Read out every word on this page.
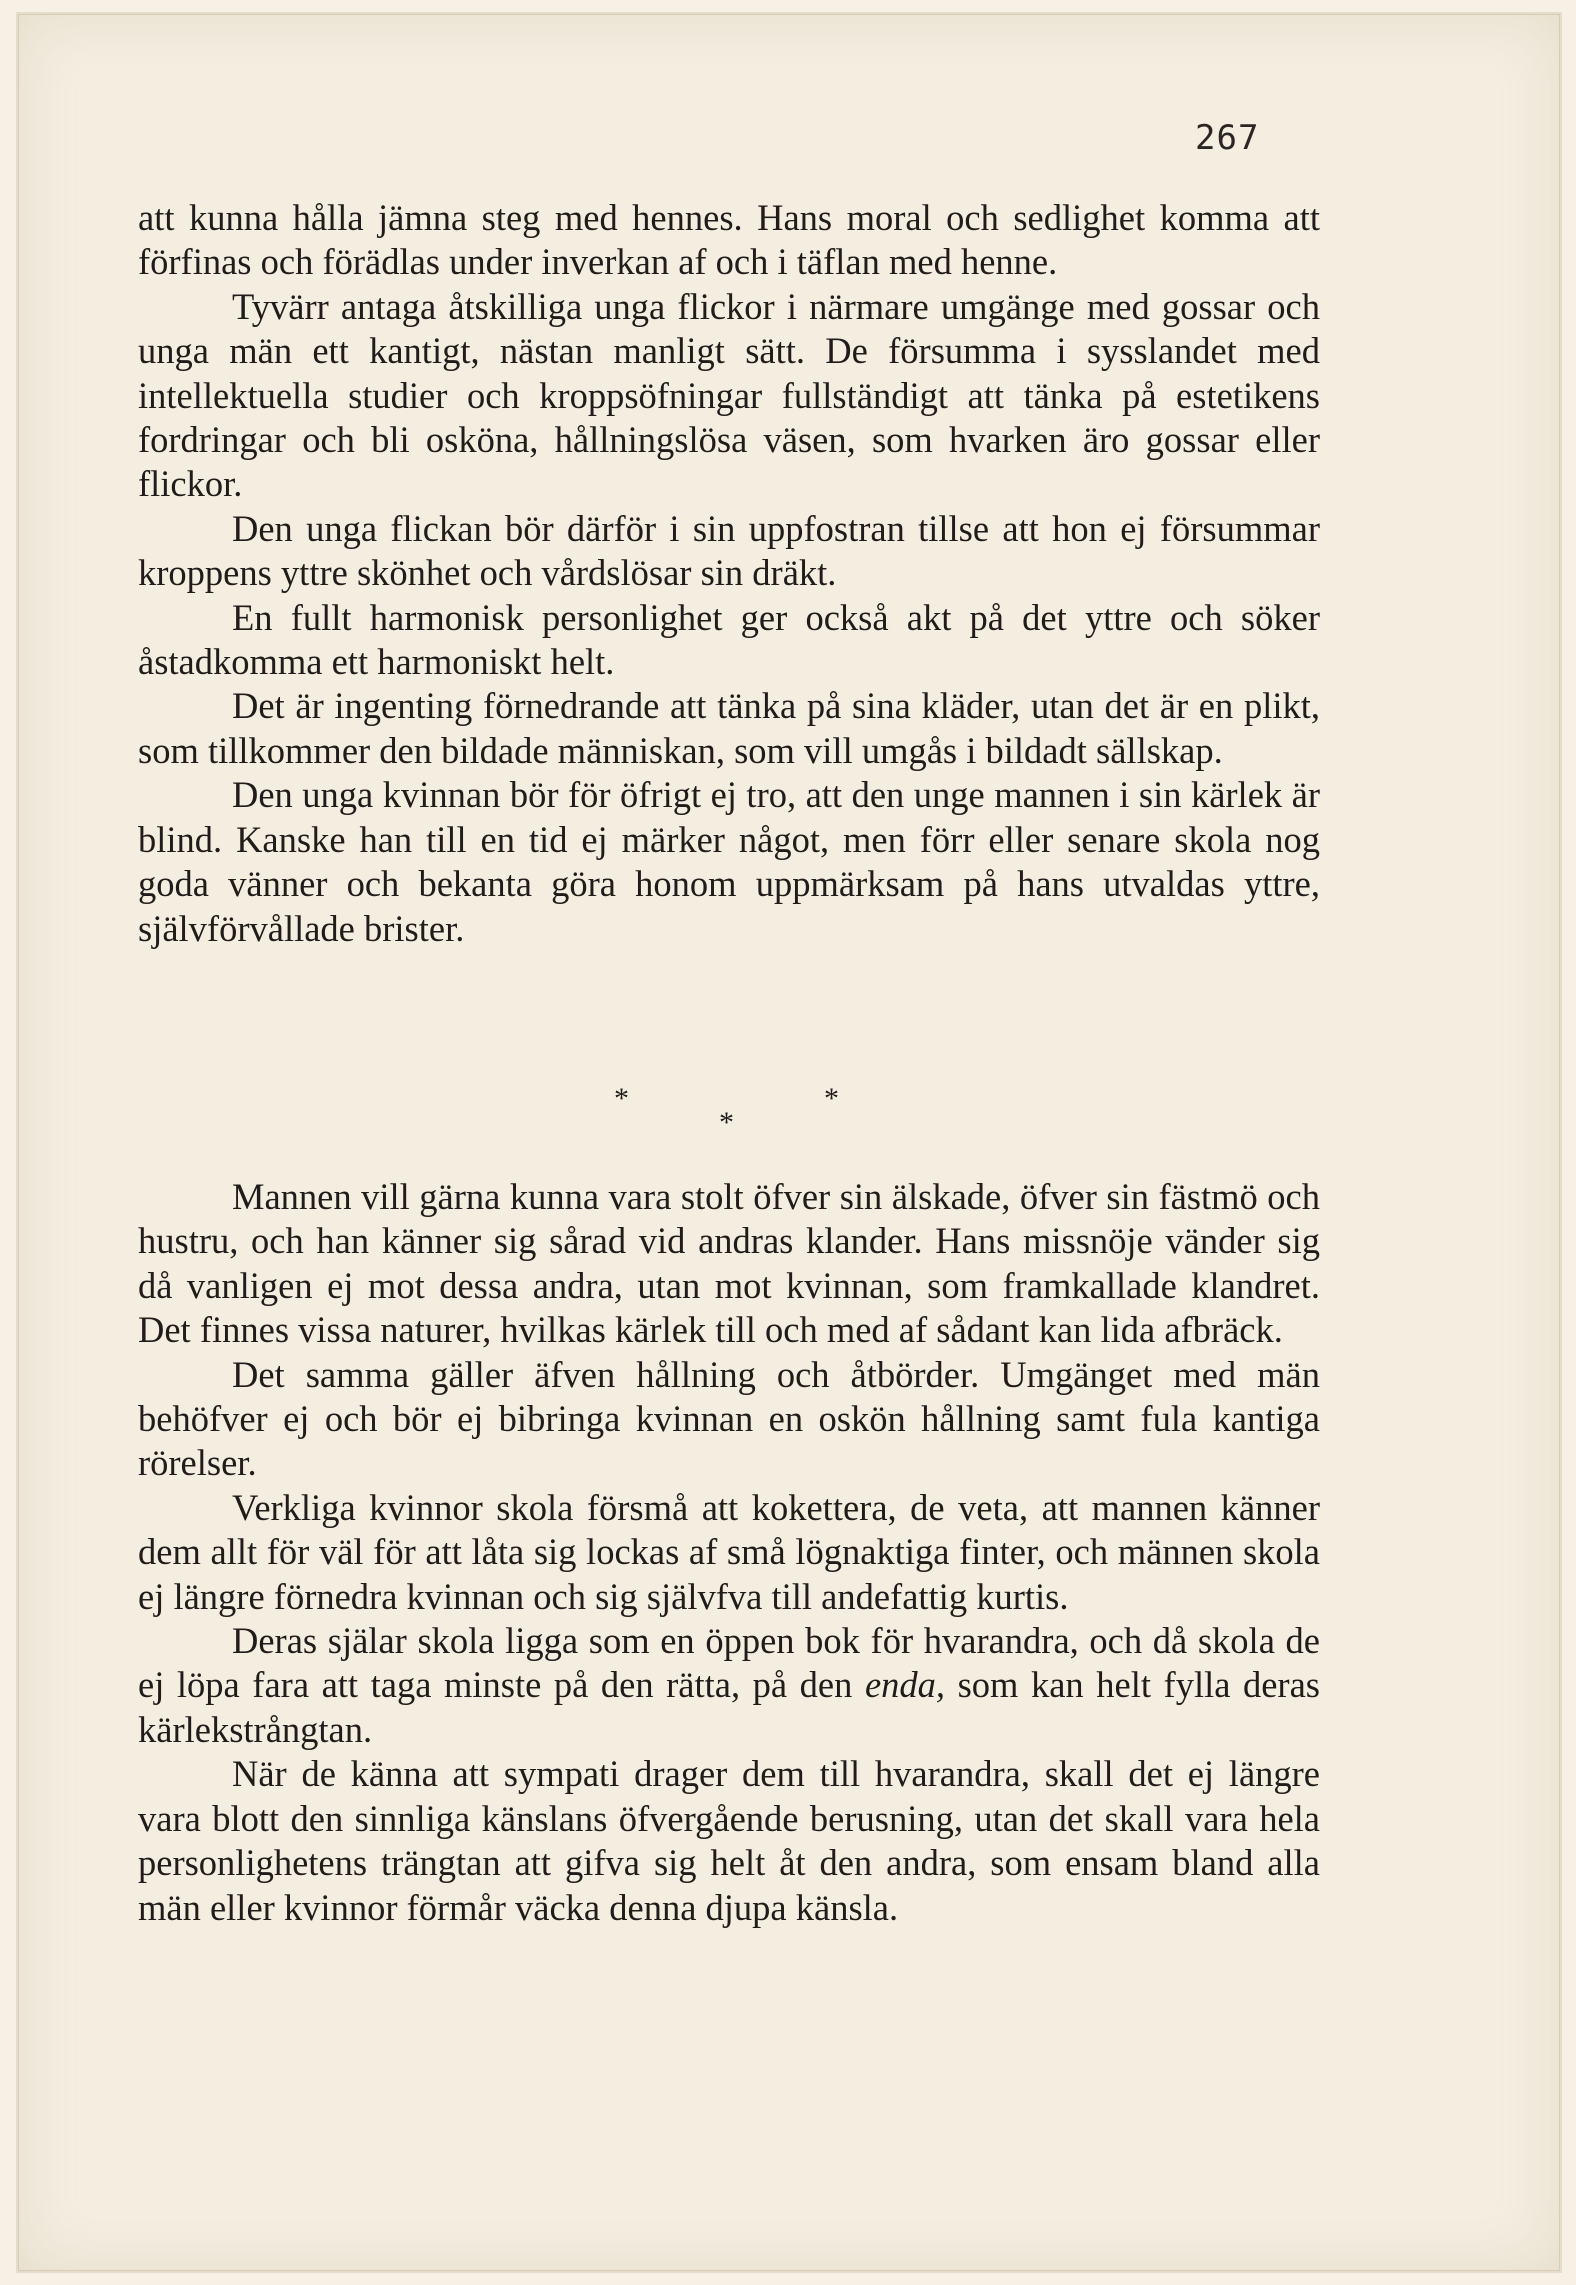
267

att kunna hålla jämna steg med hennes. Hans moral och sedlighet komma att förfinas och förädlas under inverkan af och i täflan med henne.

Tyvärr antaga åtskilliga unga flickor i närmare umgänge med gossar och unga män ett kantigt, nästan manligt sätt. De försumma i sysslandet med intellektuella studier och kroppsöfningar fullständigt att tänka på estetikens fordringar och bli osköna, hållningslösa väsen, som hvarken äro gossar eller flickor.

Den unga flickan bör därför i sin uppfostran tillse att hon ej försummar kroppens yttre skönhet och vårdslösar sin dräkt.

En fullt harmonisk personlighet ger också akt på det yttre och söker åstadkomma ett harmoniskt helt.

Det är ingenting förnedrande att tänka på sina kläder, utan det är en plikt, som tillkommer den bildade människan, som vill umgås i bildadt sällskap.

Den unga kvinnan bör för öfrigt ej tro, att den unge mannen i sin kärlek är blind. Kanske han till en tid ej märker något, men förr eller senare skola nog goda vänner och bekanta göra honom uppmärksam på hans utvaldas yttre, självförvållade brister.

*	*
*

Mannen vill gärna kunna vara stolt öfver sin älskade, öfver sin fästmö och hustru, och han känner sig sårad vid andras klander. Hans missnöje vänder sig då vanligen ej mot dessa andra, utan mot kvinnan, som framkallade klandret. Det finnes vissa naturer, hvilkas kärlek till och med af sådant kan lida afbräck.

Det samma gäller äfven hållning och åtbörder. Umgänget med män behöfver ej och bör ej bibringa kvinnan en oskön hållning samt fula kantiga rörelser.

Verkliga kvinnor skola försmå att kokettera, de veta, att mannen känner dem allt för väl för att låta sig lockas af små lögnaktiga finter, och männen skola ej längre förnedra kvinnan och sig självfva till andefattig kurtis.

Deras själar skola ligga som en öppen bok för hvarandra, och då skola de ej löpa fara att taga minste på den rätta, på den enda, som kan helt fylla deras kärlekstrångtan.

När de känna att sympati drager dem till hvarandra, skall det ej längre vara blott den sinnliga känslans öfvergående berusning, utan det skall vara hela personlighetens trängtan att gifva sig helt åt den andra, som ensam bland alla män eller kvinnor förmår väcka denna djupa känsla.
